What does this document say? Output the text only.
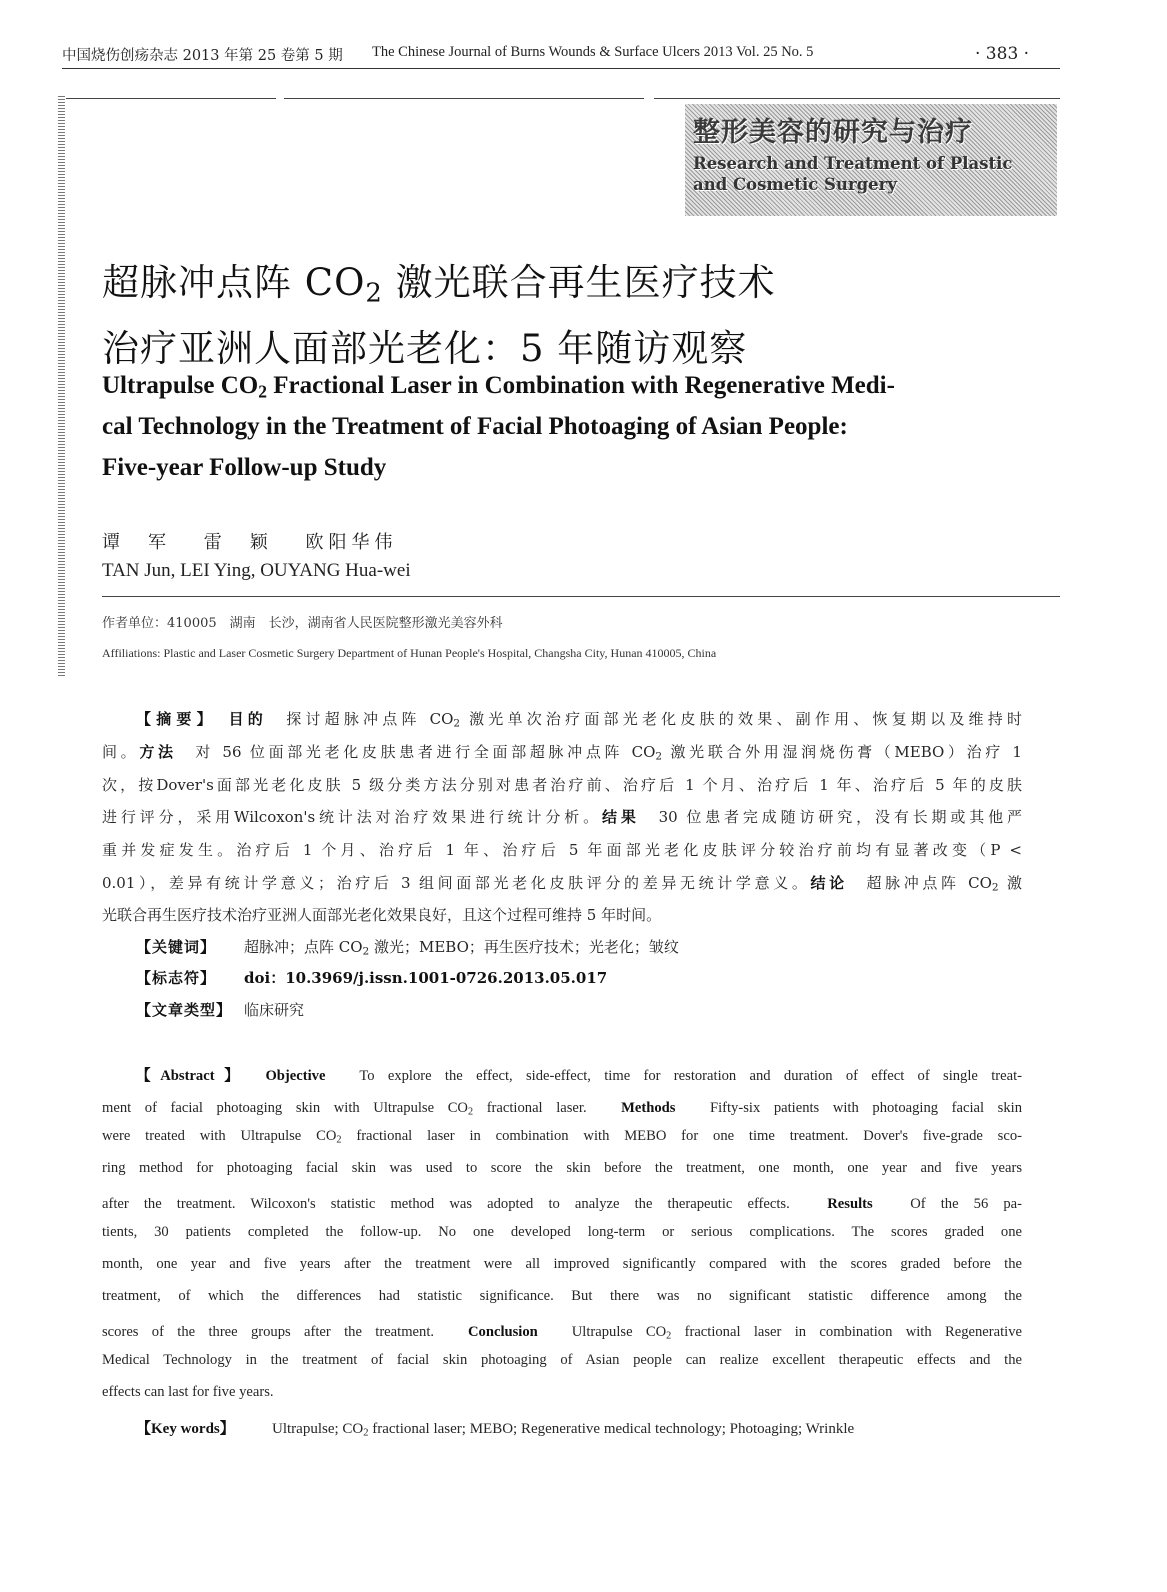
中国烧伤创疡杂志 2013 年第 25 卷第 5 期 The Chinese Journal of Burns Wounds & Surface Ulcers 2013 Vol. 25 No. 5	· 383 ·
整形美容的研究与治疗
Research and Treatment of Plastic
and Cosmetic Surgery
超脉冲点阵 $CO_2$ 激光联合再生医疗技术
治疗亚洲人面部光老化：5 年随访观察
Ultrapulse $CO_2$ Fractional Laser in Combination with Regenerative Medi-
cal Technology in the Treatment of Facial Photoaging of Asian People:
Five-year Follow-up Study
谭　军 雷　颖 欧阳华伟
TAN Jun, LEI Ying, OUYANG Hua-wei
作者单位：410005　湖南　长沙，湖南省人民医院整形激光美容外科
Affiliations: Plastic and Laser Cosmetic Surgery Department of Hunan People's Hospital, Changsha City, Hunan 410005, China
【摘要】　 目的　 探讨超脉冲点阵 $CO_2$ 激光单次治疗面部光老化皮肤的效果、副作用、恢复期以及维持时
间。方法　 对 56 位面部光老化皮肤患者进行全面部超脉冲点阵 $CO_2$ 激光联合外用湿润烧伤膏（MEBO）治疗 1
次，按Dover's面部光老化皮肤 5 级分类方法分别对患者治疗前、治疗后 1 个月、治疗后 1 年、治疗后 5 年的皮肤
进行评分，采用Wilcoxon's统计法对治疗效果进行统计分析。结果　 30 位患者完成随访研究，没有长期或其他严
重并发症发生。治疗后 1 个月、治疗后 1 年、治疗后 5 年面部光老化皮肤评分较治疗前均有显著改变（P <
0.01），差异有统计学意义；治疗后 3 组间面部光老化皮肤评分的差异无统计学意义。结论　 超脉冲点阵 $CO_2$ 激
光联合再生医疗技术治疗亚洲人面部光老化效果良好，且这个过程可维持 5 年时间。
【关键词】 超脉冲；点阵 $CO_2$ 激光；MEBO；再生医疗技术；光老化；皱纹
【标志符】 doi：10.3969/j.issn.1001-0726.2013.05.017
【文章类型】 临床研究
【Abstract】　 Objective　 To explore the effect, side-effect, time for restoration and duration of effect of single treat-
ment of facial photoaging skin with Ultrapulse $CO_2$ fractional laser.　 Methods　 Fifty-six patients with photoaging facial skin
were treated with Ultrapulse $CO_2$ fractional laser in combination with MEBO for one time treatment. Dover's five-grade sco-
ring method for photoaging facial skin was used to score the skin before the treatment, one month, one year and five years
after the treatment. Wilcoxon's statistic method was adopted to analyze the therapeutic effects.　	Results　	Of the 56 pa-
tients, 30 patients completed the follow-up. No one developed long-term or serious complications. The scores graded one
month, one year and five years after the treatment were all improved significantly compared with the scores graded before the
treatment, of which the differences had statistic significance. But there was no significant statistic difference among the
scores of the three groups after the treatment.　 Conclusion　 Ultrapulse $CO_2$ fractional laser in combination with Regenerative
Medical Technology in the treatment of facial skin photoaging of Asian people can realize excellent therapeutic effects and the
effects can last for five years.
【Key words】 Ultrapulse; $CO_2$ fractional laser; MEBO; Regenerative medical technology; Photoaging; Wrinkle
